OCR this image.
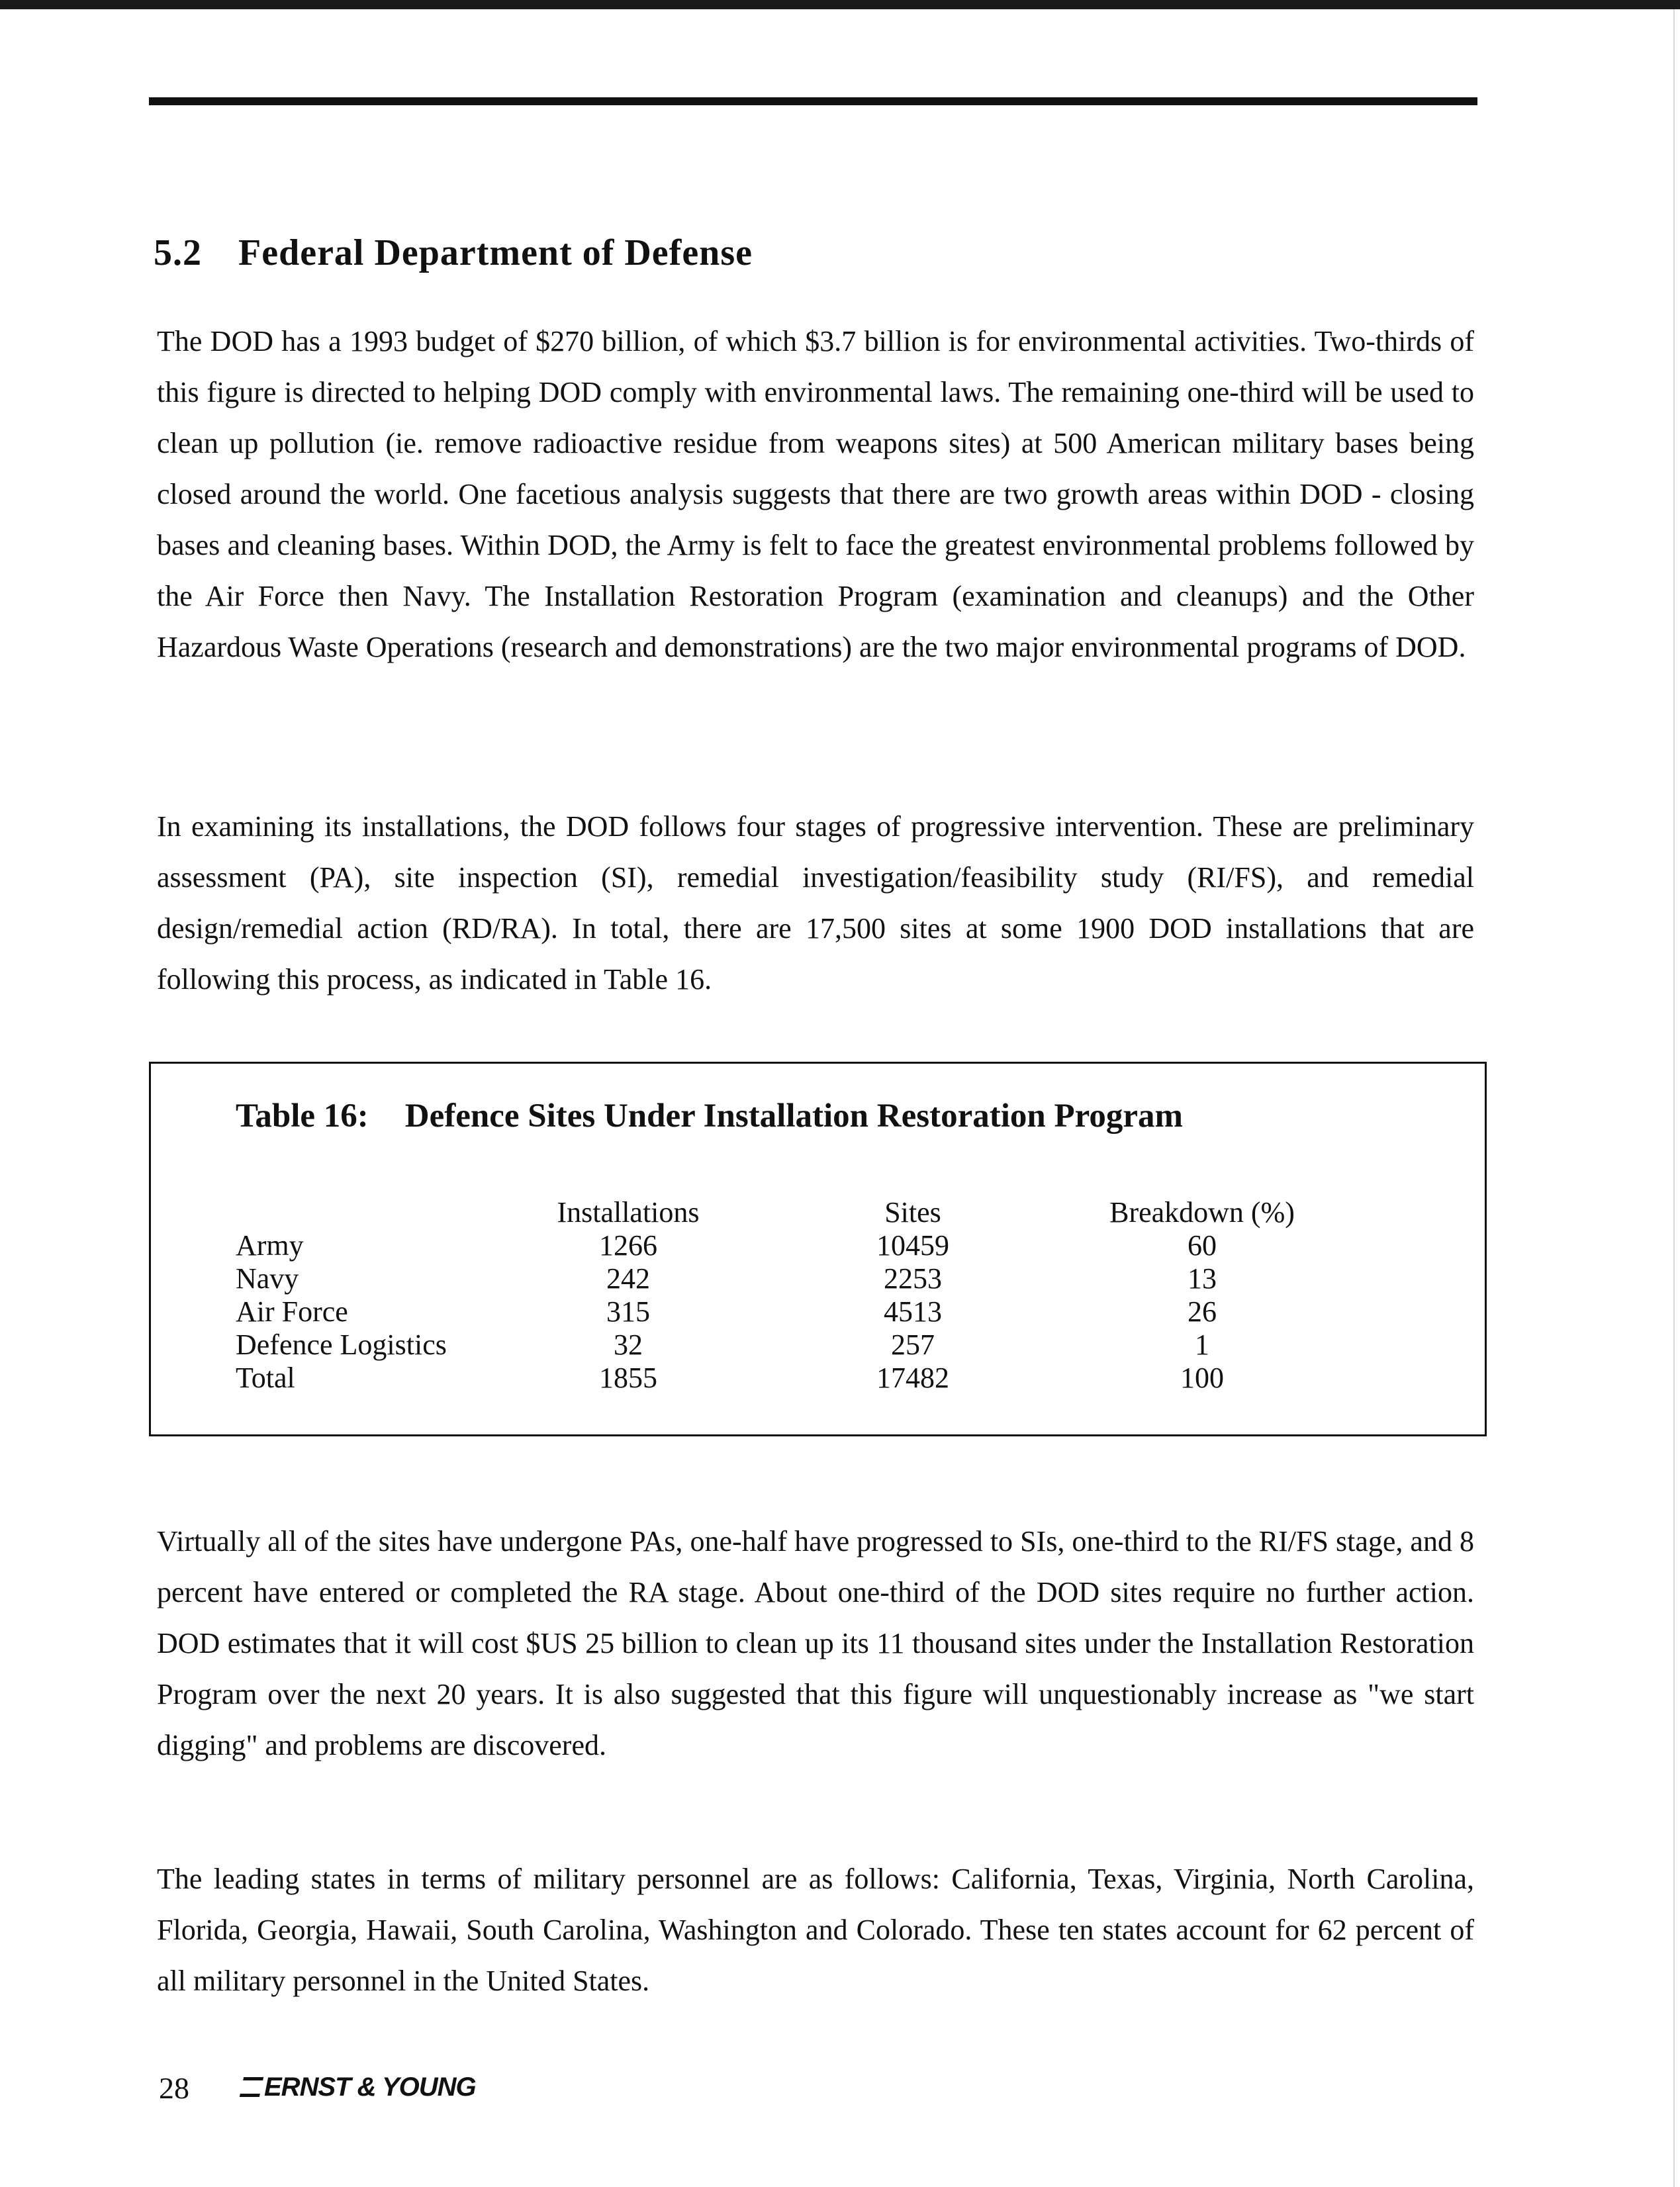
5.2 Federal Department of Defense

The DOD has a 1993 budget of $270 billion, of which $3.7 billion is for environmental activities. Two-thirds of this figure is directed to helping DOD comply with environmental laws. The remaining one-third will be used to clean up pollution (ie. remove radioactive residue from weapons sites) at 500 American military bases being closed around the world. One facetious analysis suggests that there are two growth areas within DOD - closing bases and cleaning bases. Within DOD, the Army is felt to face the greatest environmental problems followed by the Air Force then Navy. The Installation Restoration Program (examination and cleanups) and the Other Hazardous Waste Operations (research and demonstrations) are the two major environmental programs of DOD.

In examining its installations, the DOD follows four stages of progressive intervention. These are preliminary assessment (PA), site inspection (SI), remedial investigation/feasibility study (RI/FS), and remedial design/remedial action (RD/RA). In total, there are 17,500 sites at some 1900 DOD installations that are following this process, as indicated in Table 16.

Table 16: Defence Sites Under Installation Restoration Program
	Installations	Sites	Breakdown (%)
Army	1266	10459	60
Navy	242	2253	13
Air Force	315	4513	26
Defence Logistics	32	257	1
Total	1855	17482	100

Virtually all of the sites have undergone PAs, one-half have progressed to SIs, one-third to the RI/FS stage, and 8 percent have entered or completed the RA stage. About one-third of the DOD sites require no further action. DOD estimates that it will cost $US 25 billion to clean up its 11 thousand sites under the Installation Restoration Program over the next 20 years. It is also suggested that this figure will unquestionably increase as "we start digging" and problems are discovered.

The leading states in terms of military personnel are as follows: California, Texas, Virginia, North Carolina, Florida, Georgia, Hawaii, South Carolina, Washington and Colorado. These ten states account for 62 percent of all military personnel in the United States.

28	ERNST & YOUNG
